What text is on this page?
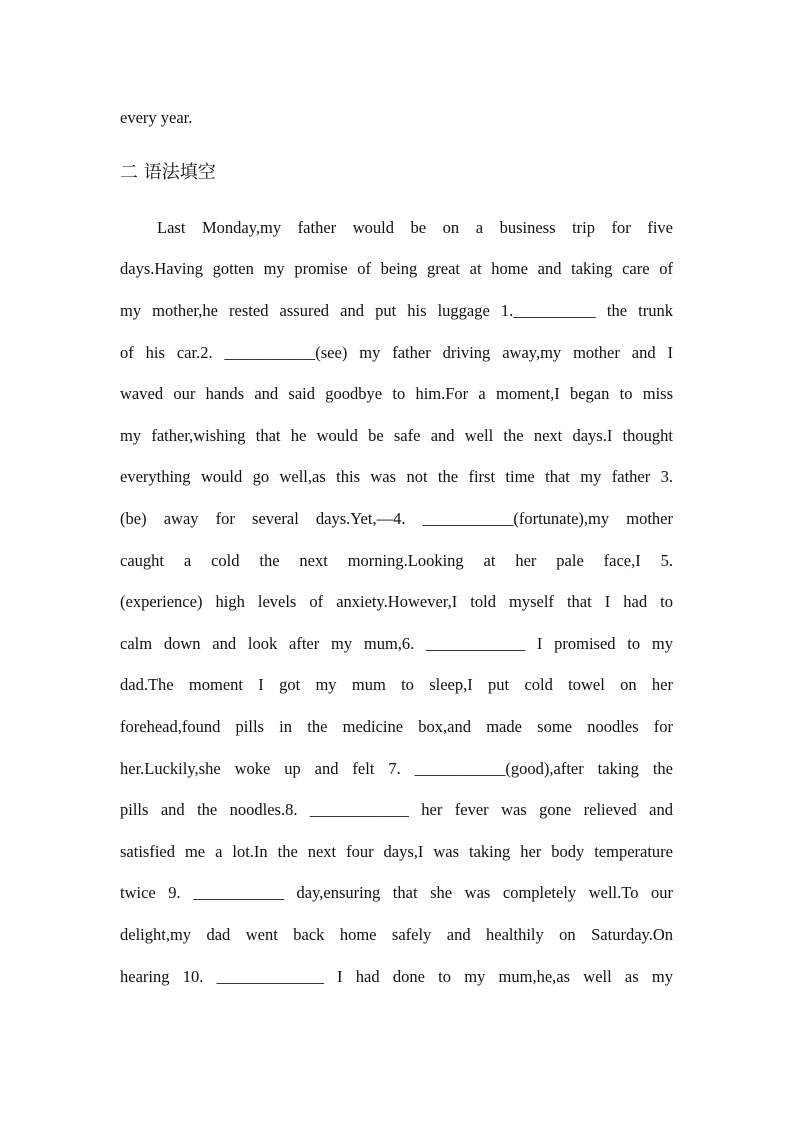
every year.
二 语法填空
Last Monday,my father would be on a business trip for five
days.Having gotten my promise of being great at home and taking care of
my mother,he rested assured and put his luggage 1.__________ the trunk
of his car.2. ___________(see) my father driving away,my mother and I
waved our hands and said goodbye to him.For a moment,I began to miss
my father,wishing that he would be safe and well the next days.I thought
everything would go well,as this was not the first time that my father 3.
(be) away for several days.Yet,—4. ___________(fortunate),my mother
caught a cold the next morning.Looking at her pale face,I 5.
(experience) high levels of anxiety.However,I told myself that I had to
calm down and look after my mum,6. ____________ I promised to my
dad.The moment I got my mum to sleep,I put cold towel on her
forehead,found pills in the medicine box,and made some noodles for
her.Luckily,she woke up and felt 7. ___________(good),after taking the
pills and the noodles.8. ____________ her fever was gone relieved and
satisfied me a lot.In the next four days,I was taking her body temperature
twice 9. ___________ day,ensuring that she was completely well.To our
delight,my dad went back home safely and healthily on Saturday.On
hearing 10. _____________ I had done to my mum,he,as well as my
